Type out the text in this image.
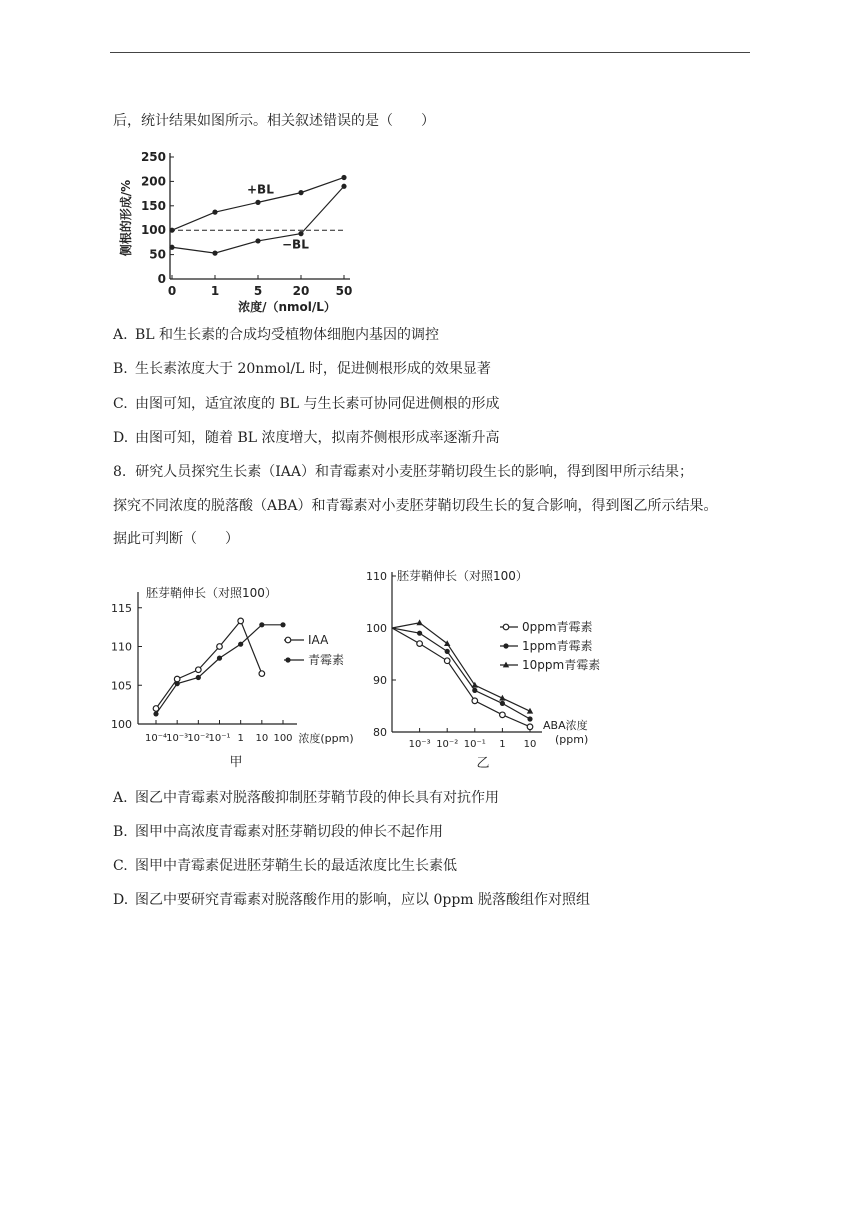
后，统计结果如图所示。相关叙述错误的是（　　）
0
50
100
150
200
250
0	1	5	20 50
+BL
−BL
侧根的形成/%
浓度/（nmol/L）
A. BL 和生长素的合成均受植物体细胞内基因的调控
B. 生长素浓度大于 20nmol/L 时，促进侧根形成的效果显著
C. 由图可知，适宜浓度的 BL 与生长素可协同促进侧根的形成
D. 由图可知，随着 BL 浓度增大，拟南芥侧根形成率逐渐升高
8. 研究人员探究生长素（IAA）和青霉素对小麦胚芽鞘切段生长的影响，得到图甲所示结果；
探究不同浓度的脱落酸（ABA）和青霉素对小麦胚芽鞘切段生长的复合影响，得到图乙所示结果。
据此可判断（　　）
100
105
110
115
10⁻⁴ 10⁻³ 10⁻² 10⁻¹ 1 10 100
胚芽鞘伸长（对照100）
浓度(ppm)
甲
IAA
青霉素
80
90
100
110
10⁻³ 10⁻² 10⁻¹ 1 10
胚芽鞘伸长（对照100）
ABA浓度
(ppm)
乙
0ppm青霉素
1ppm青霉素
10ppm青霉素
A. 图乙中青霉素对脱落酸抑制胚芽鞘节段的伸长具有对抗作用
B. 图甲中高浓度青霉素对胚芽鞘切段的伸长不起作用
C. 图甲中青霉素促进胚芽鞘生长的最适浓度比生长素低
D. 图乙中要研究青霉素对脱落酸作用的影响，应以 0ppm 脱落酸组作对照组
